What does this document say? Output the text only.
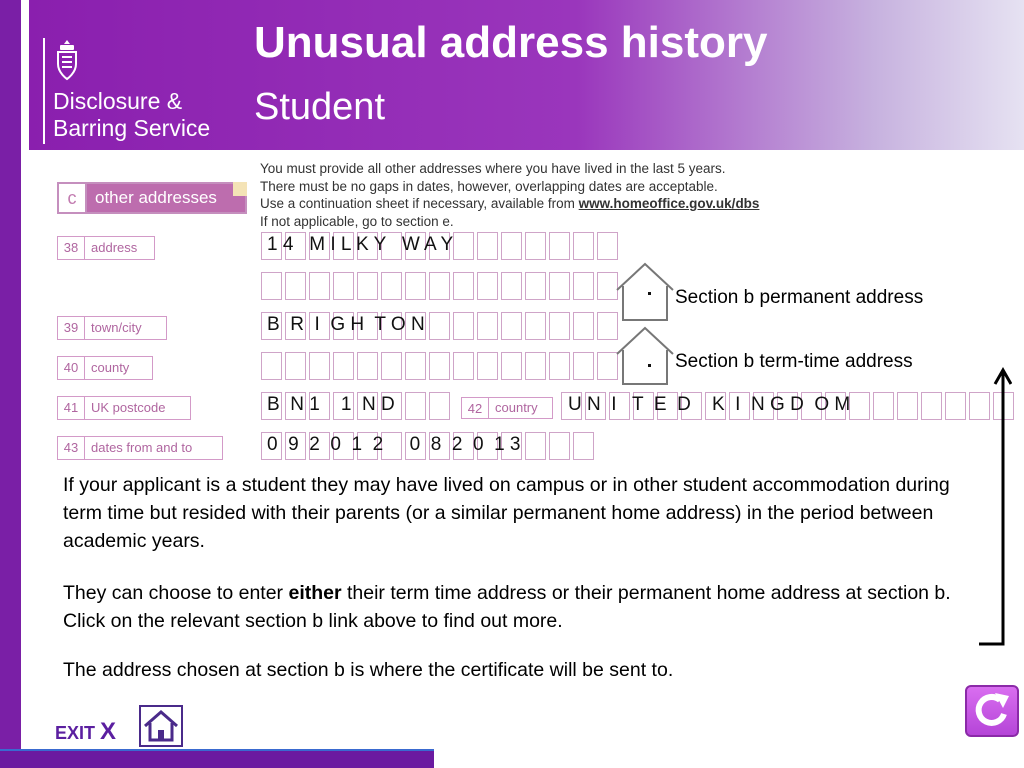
Disclosure &
Barring Service
Unusual address history
Student
c	other addresses
You must provide all other addresses where you have lived in the last 5 years.
There must be no gaps in dates, however, overlapping dates are acceptable.
Use a continuation sheet if necessary, available from www.homeoffice.gov.uk/dbs
If not applicable, go to section e.
38 address
39 town/city
40 county
41 UK postcode
43 dates from and to
42 country
1 4   M I L K Y   W A Y
B  R  I  G H  T O N
B  N 1    1  N D	U N  I   T  E  D    K  I  N G D  O M
0  9  2  0  1  2     0  8  2  0  1 3
Section b permanent address
Section b term-time address
If your applicant is a student they may have lived on campus or in other student accommodation during term time but resided with their parents (or a similar permanent home address) in the period between academic years.
They can choose to enter either their term time address or their permanent home address at section b. Click on the relevant section b link above to find out more.
The address chosen at section b is where the certificate will be sent to.
EXIT X
